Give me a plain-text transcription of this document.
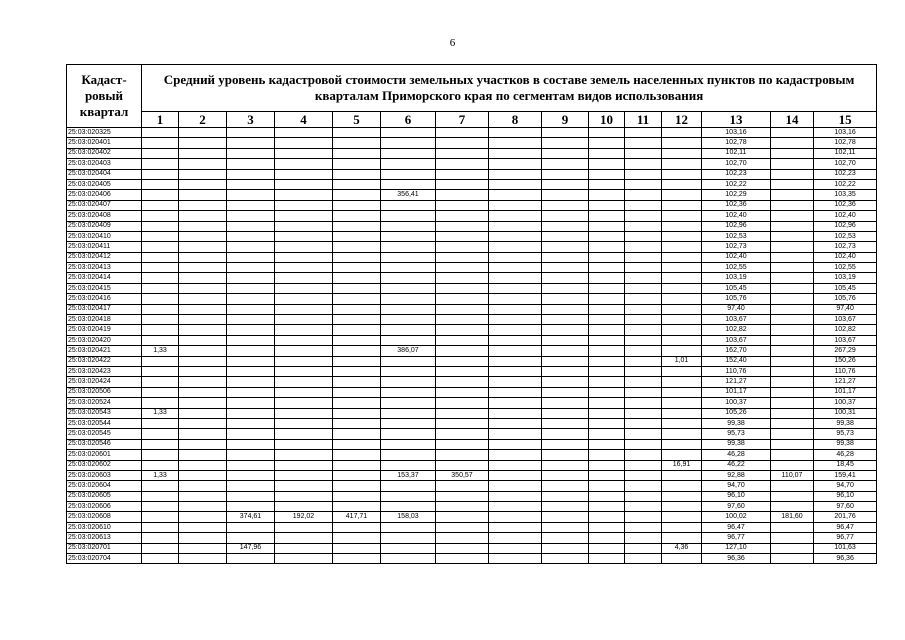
6
Кадаст-ровый квартал	Средний уровень кадастровой стоимости земельных участков в составе земель населенных пунктов по кадастровым кварталам Приморского края по сегментам видов использования														
	1	2	3	4	5	6	7	8	9	10	11	12	13	14	15
25:03:020325													103,16		103,16
25:03:020401													102,78		102,78
25:03:020402													102,11		102,11
25:03:020403													102,70		102,70
25:03:020404													102,23		102,23
25:03:020405													102,22		102,22
25:03:020406						356,41							102,29		103,35
25:03:020407													102,36		102,36
25:03:020408													102,40		102,40
25:03:020409													102,96		102,96
25:03:020410													102,53		102,53
25:03:020411													102,73		102,73
25:03:020412													102,40		102,40
25:03:020413													102,55		102,55
25:03:020414													103,19		103,19
25:03:020415													105,45		105,45
25:03:020416													105,76		105,76
25:03:020417													97,40		97,40
25:03:020418													103,67		103,67
25:03:020419													102,82		102,82
25:03:020420													103,67		103,67
25:03:020421	1,33					386,07							162,70		267,29
25:03:020422												1,01	152,40		150,26
25:03:020423													110,76		110,76
25:03:020424													121,27		121,27
25:03:020506													101,17		101,17
25:03:020524													100,37		100,37
25:03:020543	1,33												105,26		100,31
25:03:020544													99,38		99,38
25:03:020545													95,73		95,73
25:03:020546													99,38		99,38
25:03:020601													46,28		46,28
25:03:020602												16,91	46,22		18,45
25:03:020603	1,33					153,37	350,57						92,88	110,07	159,41
25:03:020604													94,70		94,70
25:03:020605													96,10		96,10
25:03:020606													97,60		97,60
25:03:020608			374,61	192,02	417,71	158,03							100,02	181,60	201,76
25:03:020610													96,47		96,47
25:03:020613													96,77		96,77
25:03:020701			147,96									4,36	127,10		101,63
25:03:020704													96,36		96,36
